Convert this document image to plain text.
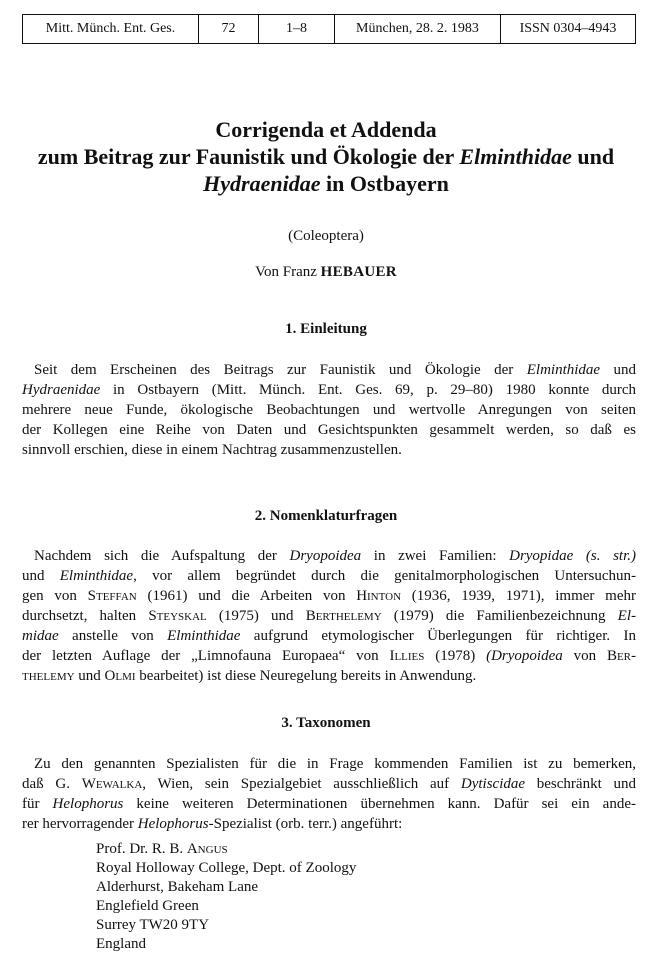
Mitt. Münch. Ent. Ges.	72	1–8	München, 28. 2. 1983	ISSN 0304–4943
Corrigenda et Addenda
zum Beitrag zur Faunistik und Ökologie der Elminthidae und
Hydraenidae in Ostbayern
(Coleoptera)
Von Franz HEBAUER
1. Einleitung
Seit dem Erscheinen des Beitrags zur Faunistik und Ökologie der Elminthidae und
Hydraenidae in Ostbayern (Mitt. Münch. Ent. Ges. 69, p. 29–80) 1980 konnte durch
mehrere neue Funde, ökologische Beobachtungen und wertvolle Anregungen von seiten
der Kollegen eine Reihe von Daten und Gesichtspunkten gesammelt werden, so daß es
sinnvoll erschien, diese in einem Nachtrag zusammenzustellen.
2. Nomenklaturfragen
Nachdem sich die Aufspaltung der Dryopoidea in zwei Familien: Dryopidae (s. str.)
und Elminthidae, vor allem begründet durch die genitalmorphologischen Untersuchun-
gen von Steffan (1961) und die Arbeiten von Hinton (1936, 1939, 1971), immer mehr
durchsetzt, halten Steyskal (1975) und Berthelemy (1979) die Familienbezeichnung El-
midae anstelle von Elminthidae aufgrund etymologischer Überlegungen für richtiger. In
der letzten Auflage der „Limnofauna Europaea“ von Illies (1978) (Dryopoidea von Ber-
thelemy und Olmi bearbeitet) ist diese Neuregelung bereits in Anwendung.
3. Taxonomen
Zu den genannten Spezialisten für die in Frage kommenden Familien ist zu bemerken,
daß G. Wewalka, Wien, sein Spezialgebiet ausschließlich auf Dytiscidae beschränkt und
für Helophorus keine weiteren Determinationen übernehmen kann. Dafür sei ein ande-
rer hervorragender Helophorus-Spezialist (orb. terr.) angeführt:
Prof. Dr. R. B. Angus
Royal Holloway College, Dept. of Zoology
Alderhurst, Bakeham Lane
Englefield Green
Surrey TW20 9TY
England
